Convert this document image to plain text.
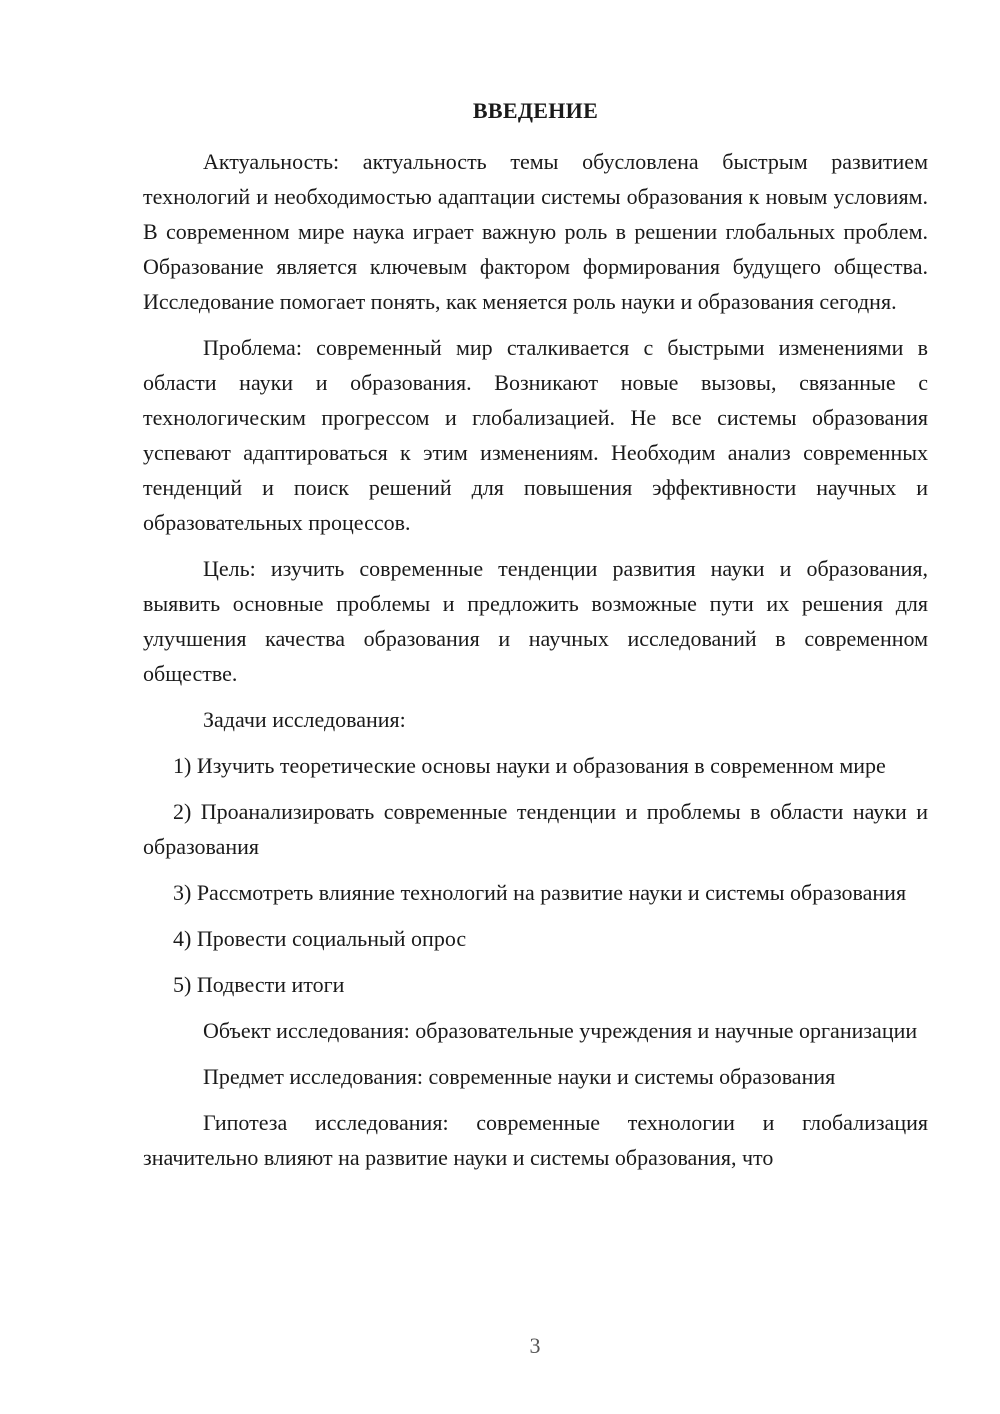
ВВЕДЕНИЕ

Актуальность: актуальность темы обусловлена быстрым развитием технологий и необходимостью адаптации системы образования к новым условиям. В современном мире наука играет важную роль в решении глобальных проблем. Образование является ключевым фактором формирования будущего общества. Исследование помогает понять, как меняется роль науки и образования сегодня.

Проблема: современный мир сталкивается с быстрыми изменениями в области науки и образования. Возникают новые вызовы, связанные с технологическим прогрессом и глобализацией. Не все системы образования успевают адаптироваться к этим изменениям. Необходим анализ современных тенденций и поиск решений для повышения эффективности научных и образовательных процессов.

Цель: изучить современные тенденции развития науки и образования, выявить основные проблемы и предложить возможные пути их решения для улучшения качества образования и научных исследований в современном обществе.

Задачи исследования:

1) Изучить теоретические основы науки и образования в современном мире

2) Проанализировать современные тенденции и проблемы в области науки и образования

3) Рассмотреть влияние технологий на развитие науки и системы образования

4) Провести социальный опрос

5) Подвести итоги

Объект исследования: образовательные учреждения и научные организации

Предмет исследования: современные науки и системы образования

Гипотеза исследования: современные технологии и глобализация значительно влияют на развитие науки и системы образования, что

3
